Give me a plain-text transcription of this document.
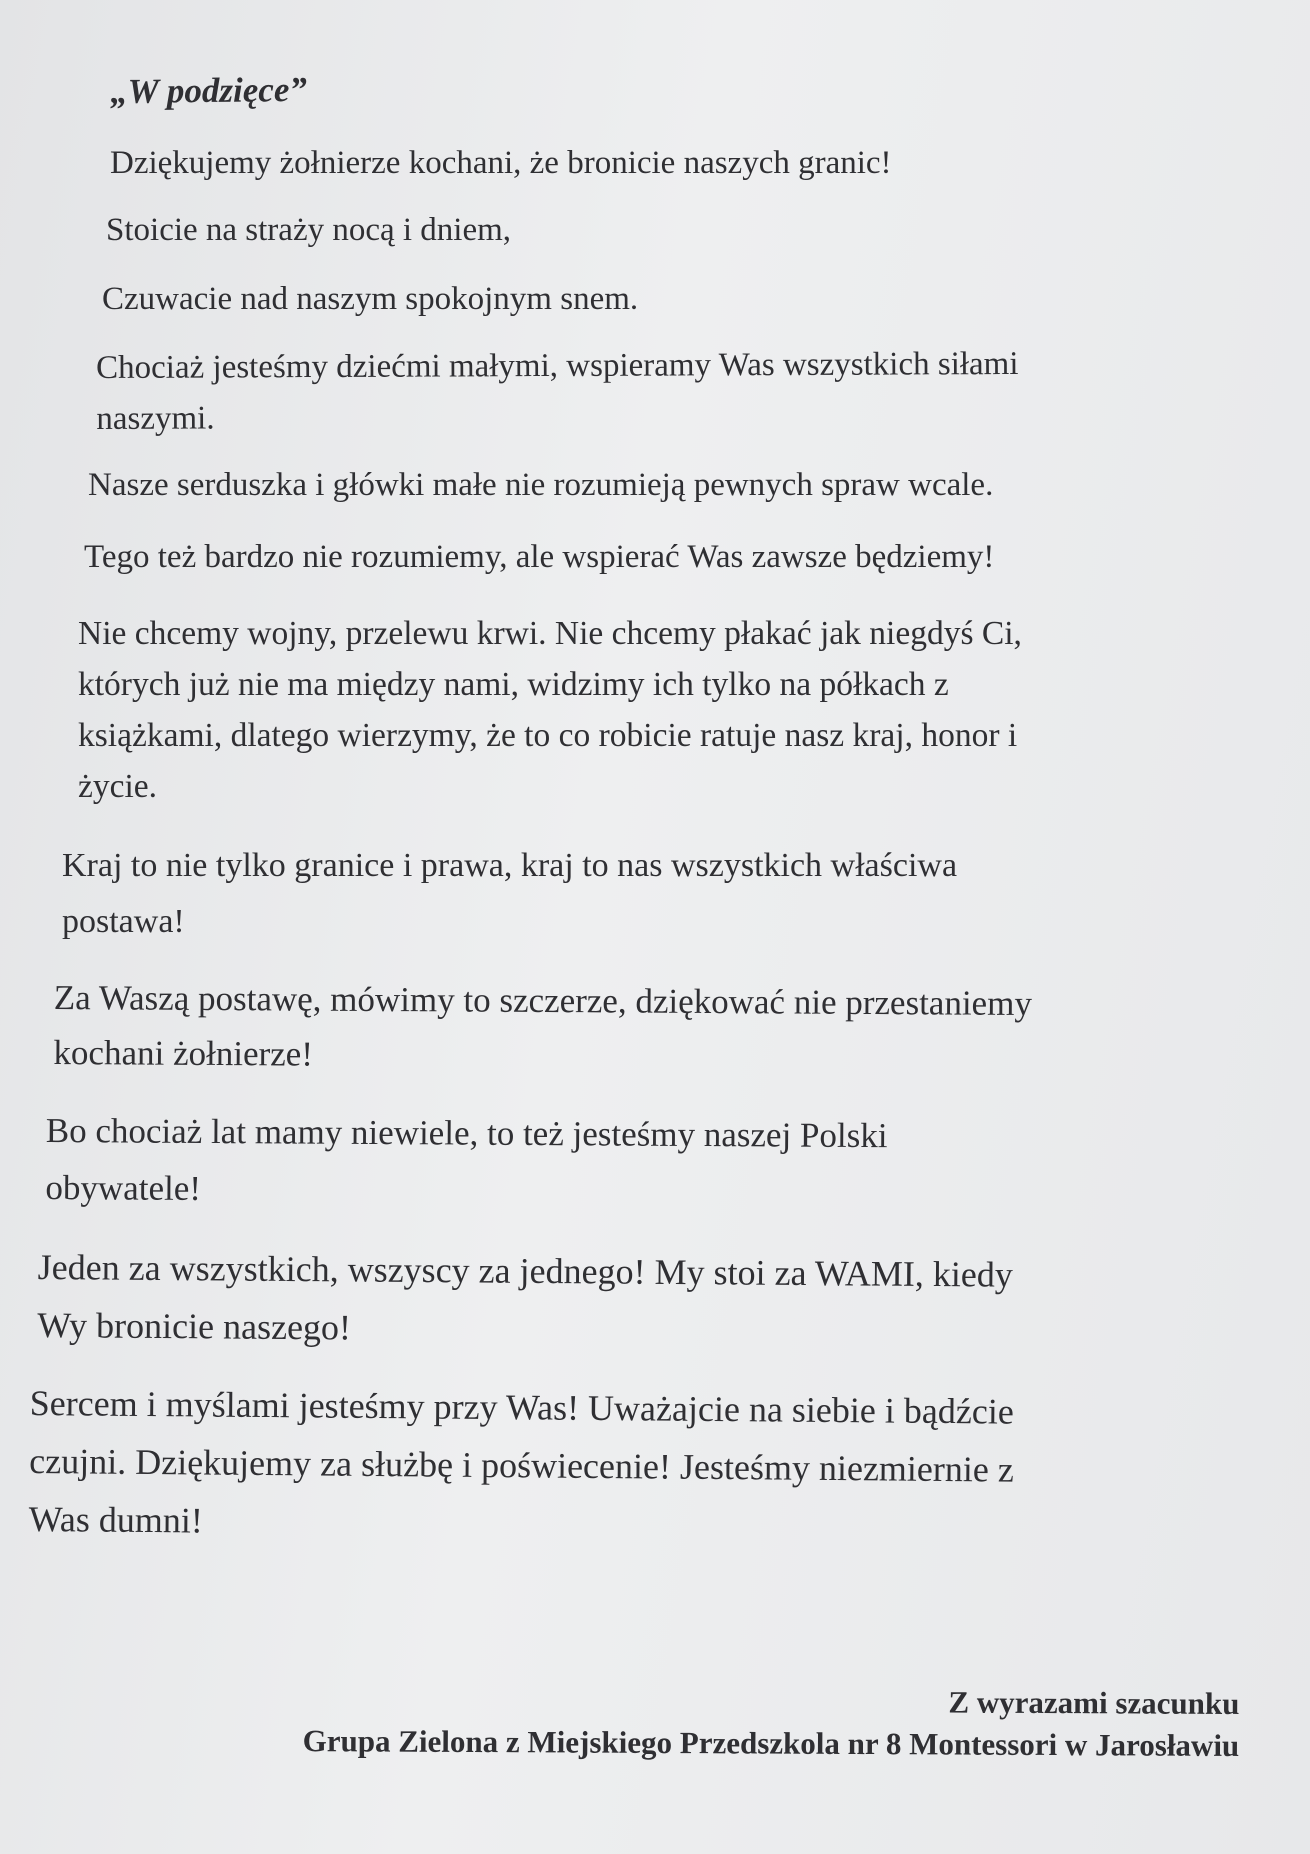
„W podzięce”

Dziękujemy żołnierze kochani, że bronicie naszych granic!

Stoicie na straży nocą i dniem,

Czuwacie nad naszym spokojnym snem.

Chociaż jesteśmy dziećmi małymi, wspieramy Was wszystkich siłami
naszymi.

Nasze serduszka i główki małe nie rozumieją pewnych spraw wcale.

Tego też bardzo nie rozumiemy, ale wspierać Was zawsze będziemy!

Nie chcemy wojny, przelewu krwi. Nie chcemy płakać jak niegdyś Ci,
których już nie ma między nami, widzimy ich tylko na półkach z
książkami, dlatego wierzymy, że to co robicie ratuje nasz kraj, honor i
życie.

Kraj to nie tylko granice i prawa, kraj to nas wszystkich właściwa
postawa!

Za Waszą postawę, mówimy to szczerze, dziękować nie przestaniemy
kochani żołnierze!

Bo chociaż lat mamy niewiele, to też jesteśmy naszej Polski
obywatele!

Jeden za wszystkich, wszyscy za jednego! My stoi za WAMI, kiedy
Wy bronicie naszego!

Sercem i myślami jesteśmy przy Was! Uważajcie na siebie i bądźcie
czujni. Dziękujemy za służbę i poświecenie! Jesteśmy niezmiernie z
Was dumni!

Z wyrazami szacunku
Grupa Zielona z Miejskiego Przedszkola nr 8 Montessori w Jarosławiu
